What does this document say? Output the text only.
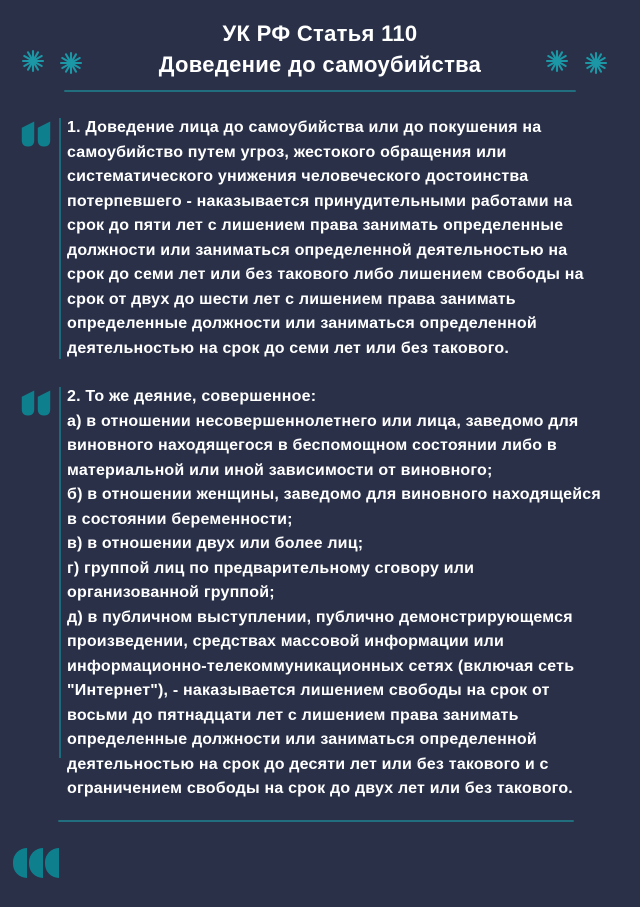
УК РФ Статья 110
Доведение до самоубийства
1. Доведение лица до самоубийства или до покушения на самоубийство путем угроз, жестокого обращения или систематического унижения человеческого достоинства потерпевшего - наказывается принудительными работами на срок до пяти лет с лишением права занимать определенные должности или заниматься определенной деятельностью на срок до семи лет или без такового либо лишением свободы на срок от двух до шести лет с лишением права занимать определенные должности или заниматься определенной деятельностью на срок до семи лет или без такового.
2. То же деяние, совершенное:
а) в отношении несовершеннолетнего или лица, заведомо для виновного находящегося в беспомощном состоянии либо в материальной или иной зависимости от виновного;
б) в отношении женщины, заведомо для виновного находящейся в состоянии беременности;
в) в отношении двух или более лиц;
г) группой лиц по предварительному сговору или организованной группой;
д) в публичном выступлении, публично демонстрирующемся произведении, средствах массовой информации или информационно-телекоммуникационных сетях (включая сеть "Интернет"), - наказывается лишением свободы на срок от восьми до пятнадцати лет с лишением права занимать определенные должности или заниматься определенной деятельностью на срок до десяти лет или без такового и с ограничением свободы на срок до двух лет или без такового.
